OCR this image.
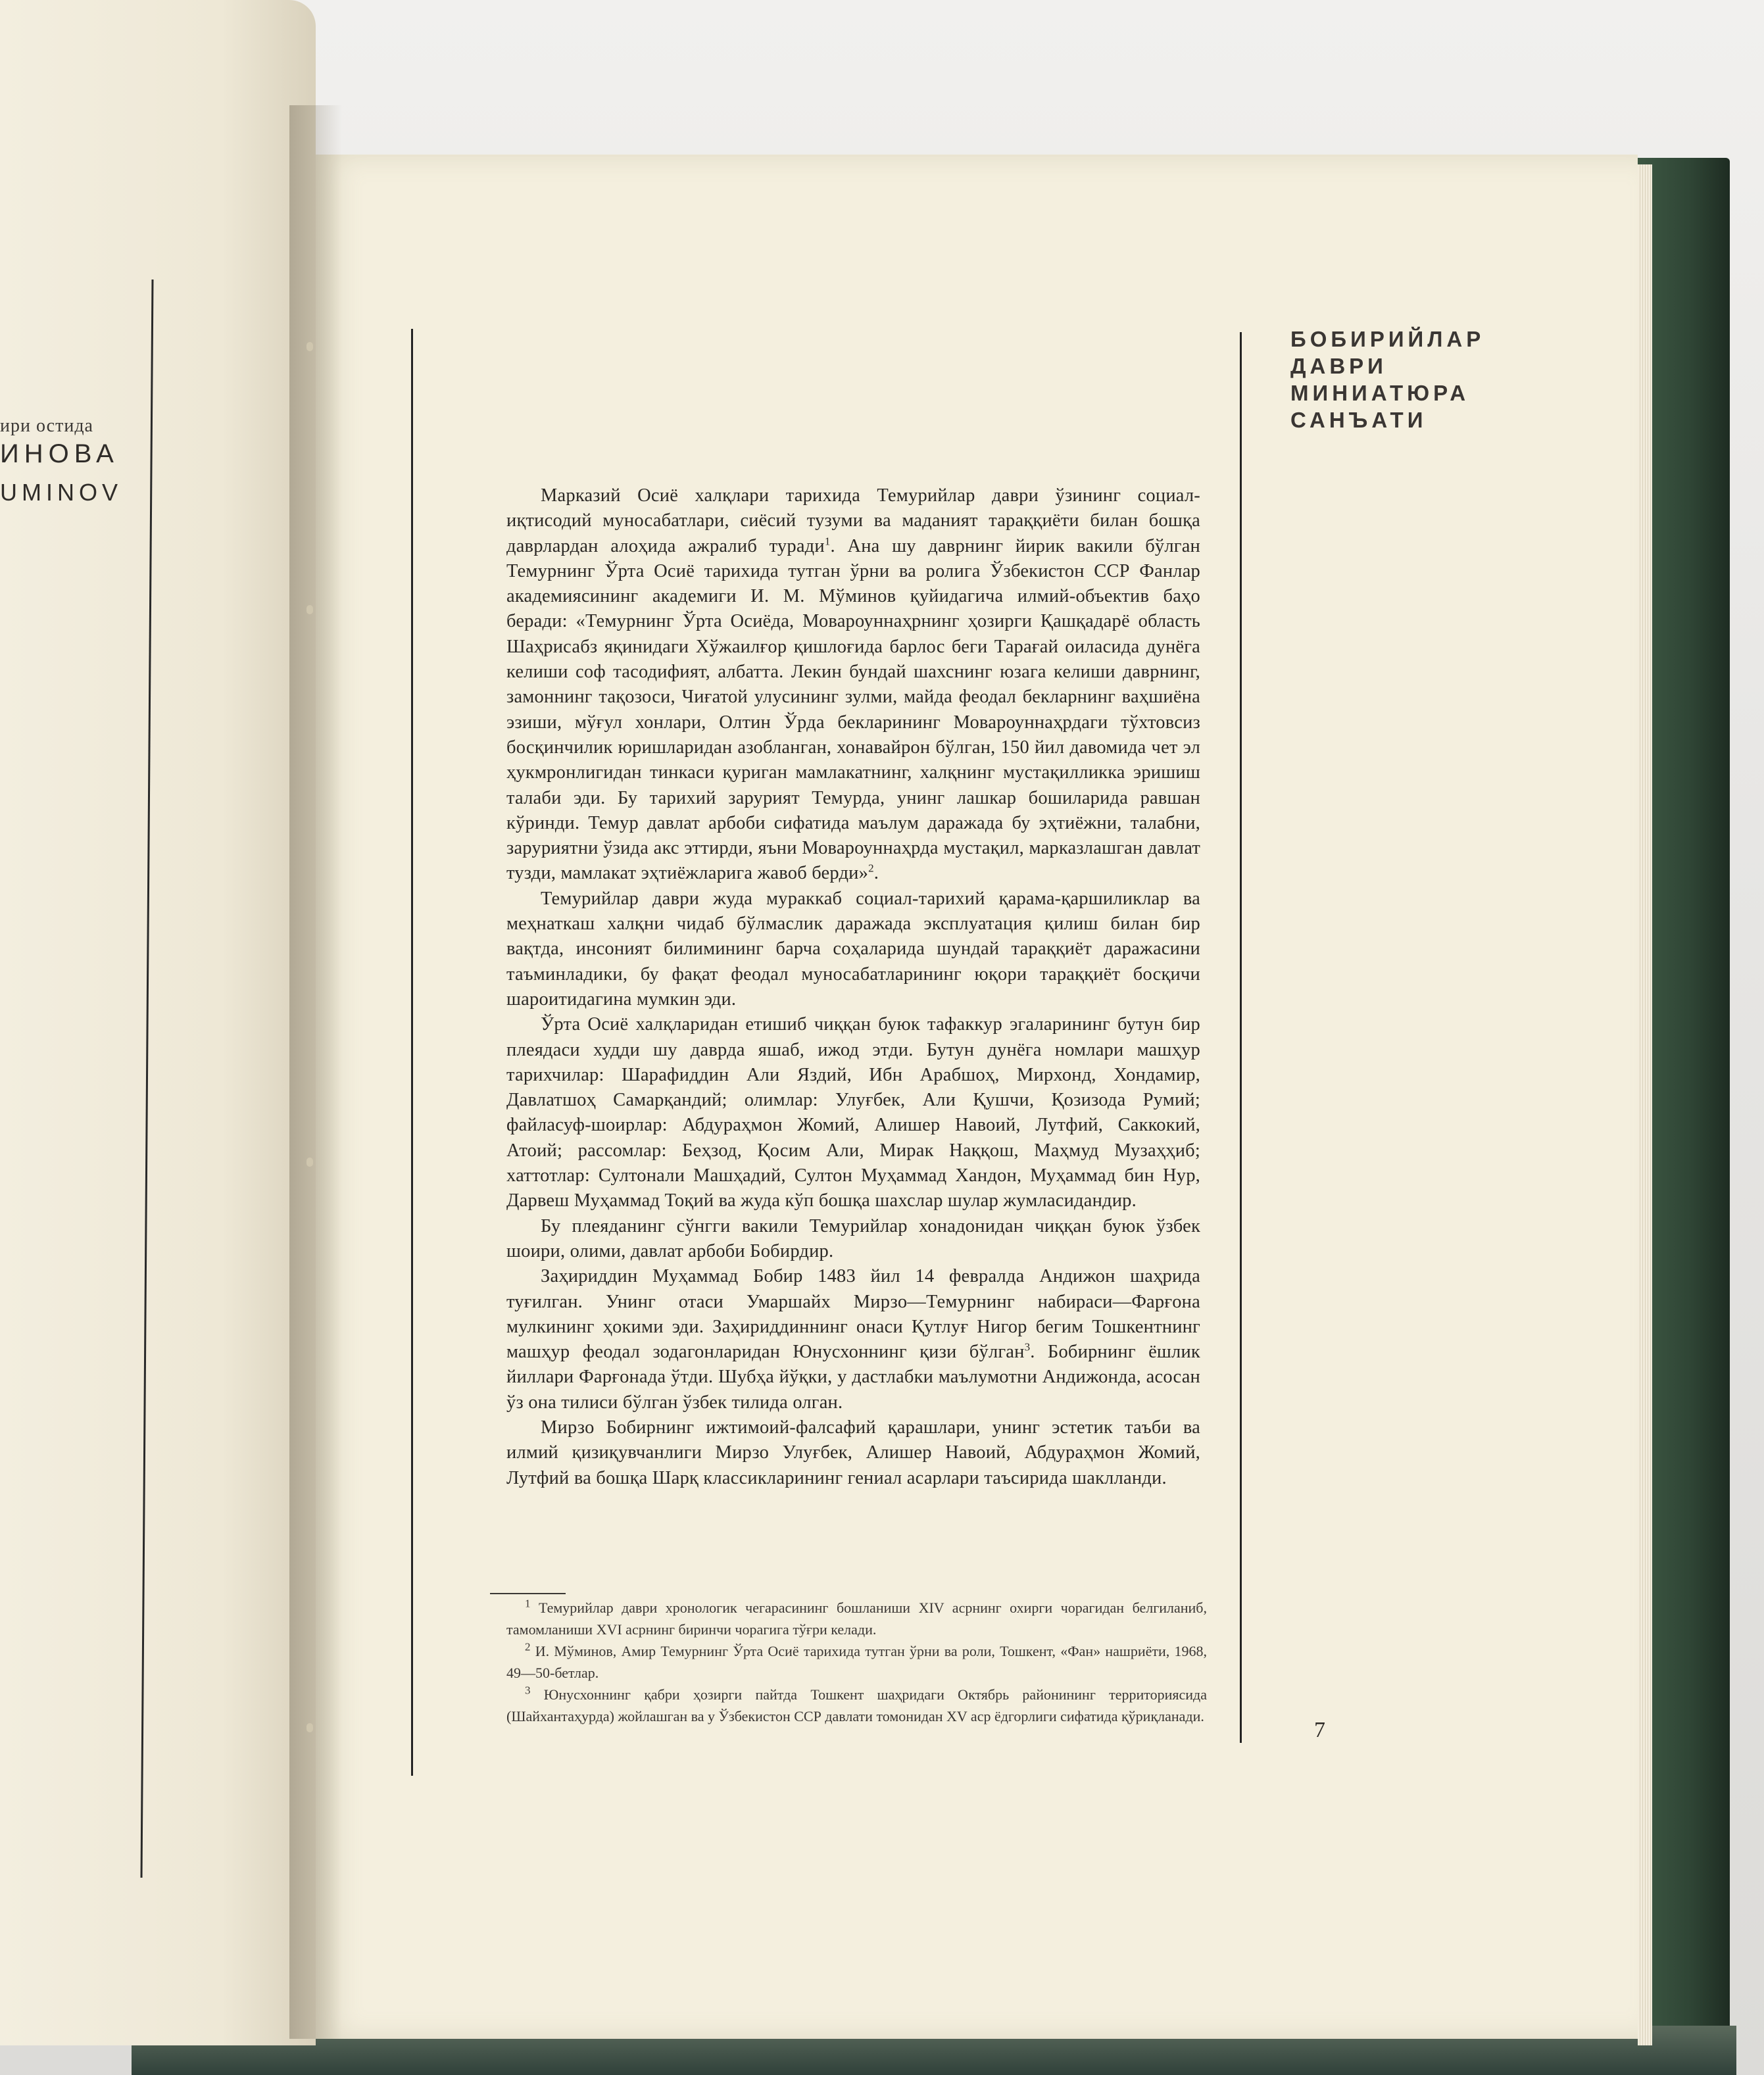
ири остида
ИНОВА
UMINOV
БОБИРИЙЛАР
ДАВРИ
МИНИАТЮРА
САНЪАТИ

Марказий Осиё халқлари тарихида Темурийлар даври ўзининг социал-иқтисодий муносабатлари, сиёсий тузуми ва маданият тараққиёти билан бошқа даврлардан алоҳида ажралиб туради$^1$. Ана шу даврнинг йирик вакили бўлган Темурнинг Ўрта Осиё тарихида тутган ўрни ва ролига Ўзбекистон ССР Фанлар академиясининг академиги И. М. Мўминов қуйидагича илмий-объектив баҳо беради: «Темурнинг Ўрта Осиёда, Мовароуннаҳрнинг ҳозирги Қашқадарё область Шаҳрисабз яқинидаги Хўжаилғор қишлоғида барлос беги Тарағай оиласида дунёга келиши соф тасодифият, албатта. Лекин бундай шахснинг юзага келиши даврнинг, замоннинг тақозоси, Чиғатой улусининг зулми, майда феодал бекларнинг ваҳшиёна эзиши, мўғул хонлари, Олтин Ўрда бекларининг Мовароуннаҳрдаги тўхтовсиз босқинчилик юришларидан азобланган, хонавайрон бўлган, 150 йил давомида чет эл ҳукмронлигидан тинкаси қуриган мамлакатнинг, халқнинг мустақилликка эришиш талаби эди. Бу тарихий зарурият Темурда, унинг лашкар бошиларида равшан кўринди. Темур давлат арбоби сифатида маълум даражада бу эҳтиёжни, талабни, заруриятни ўзида акс эттирди, яъни Мовароуннаҳрда мустақил, марказлашган давлат тузди, мамлакат эҳтиёжларига жавоб берди»$^2$.

Темурийлар даври жуда мураккаб социал-тарихий қарама-қаршиликлар ва меҳнаткаш халқни чидаб бўлмаслик даражада эксплуатация қилиш билан бир вақтда, инсоният билимининг барча соҳаларида шундай тараққиёт даражасини таъминладики, бу фақат феодал муносабатларининг юқори тараққиёт босқичи шароитидагина мумкин эди.

Ўрта Осиё халқларидан етишиб чиққан буюк тафаккур эгаларининг бутун бир плеядаси худди шу даврда яшаб, ижод этди. Бутун дунёга номлари машҳур тарихчилар: Шарафиддин Али Яздий, Ибн Арабшоҳ, Мирхонд, Хондамир, Давлатшоҳ Самарқандий; олимлар: Улуғбек, Али Қушчи, Қозизода Румий; файласуф-шоирлар: Абдураҳмон Жомий, Алишер Навоий, Лутфий, Саккокий, Атоий; рассомлар: Беҳзод, Қосим Али, Мирак Наққош, Маҳмуд Музаҳҳиб; хаттотлар: Султонали Машҳадий, Султон Муҳаммад Хандон, Муҳаммад бин Нур, Дарвеш Муҳаммад Тоқий ва жуда кўп бошқа шахслар шулар жумласидандир.

Бу плеяданинг сўнгги вакили Темурийлар хонадонидан чиққан буюк ўзбек шоири, олими, давлат арбоби Бобирдир.

Заҳириддин Муҳаммад Бобир 1483 йил 14 февралда Андижон шаҳрида туғилган. Унинг отаси Умаршайх Мирзо—Темурнинг набираси—Фарғона мулкининг ҳокими эди. Заҳириддиннинг онаси Қутлуғ Нигор бегим Тошкентнинг машҳур феодал зодагонларидан Юнусхоннинг қизи бўлган$^3$. Бобирнинг ёшлик йиллари Фарғонада ўтди. Шубҳа йўқки, у дастлабки маълумотни Андижонда, асосан ўз она тилиси бўлган ўзбек тилида олган.

Мирзо Бобирнинг ижтимоий-фалсафий қарашлари, унинг эстетик таъби ва илмий қизиқувчанлиги Мирзо Улуғбек, Алишер Навоий, Абдураҳмон Жомий, Лутфий ва бошқа Шарқ классикларининг гениал асарлари таъсирида шаклланди.

$^1$ Темурийлар даври хронологик чегарасининг бошланиши XIV асрнинг охирги чорагидан белгиланиб, тамомланиши XVI асрнинг биринчи чорагига тўғри келади.

$^2$ И. Мўминов, Амир Темурнинг Ўрта Осиё тарихида тутган ўрни ва роли, Тошкент, «Фан» нашриёти, 1968, 49—50-бетлар.

$^3$ Юнусхоннинг қабри ҳозирги пайтда Тошкент шаҳридаги Октябрь районининг территориясида (Шайхантаҳурда) жойлашган ва у Ўзбекистон ССР давлати томонидан XV аср ёдгорлиги сифатида қўриқланади.

7
